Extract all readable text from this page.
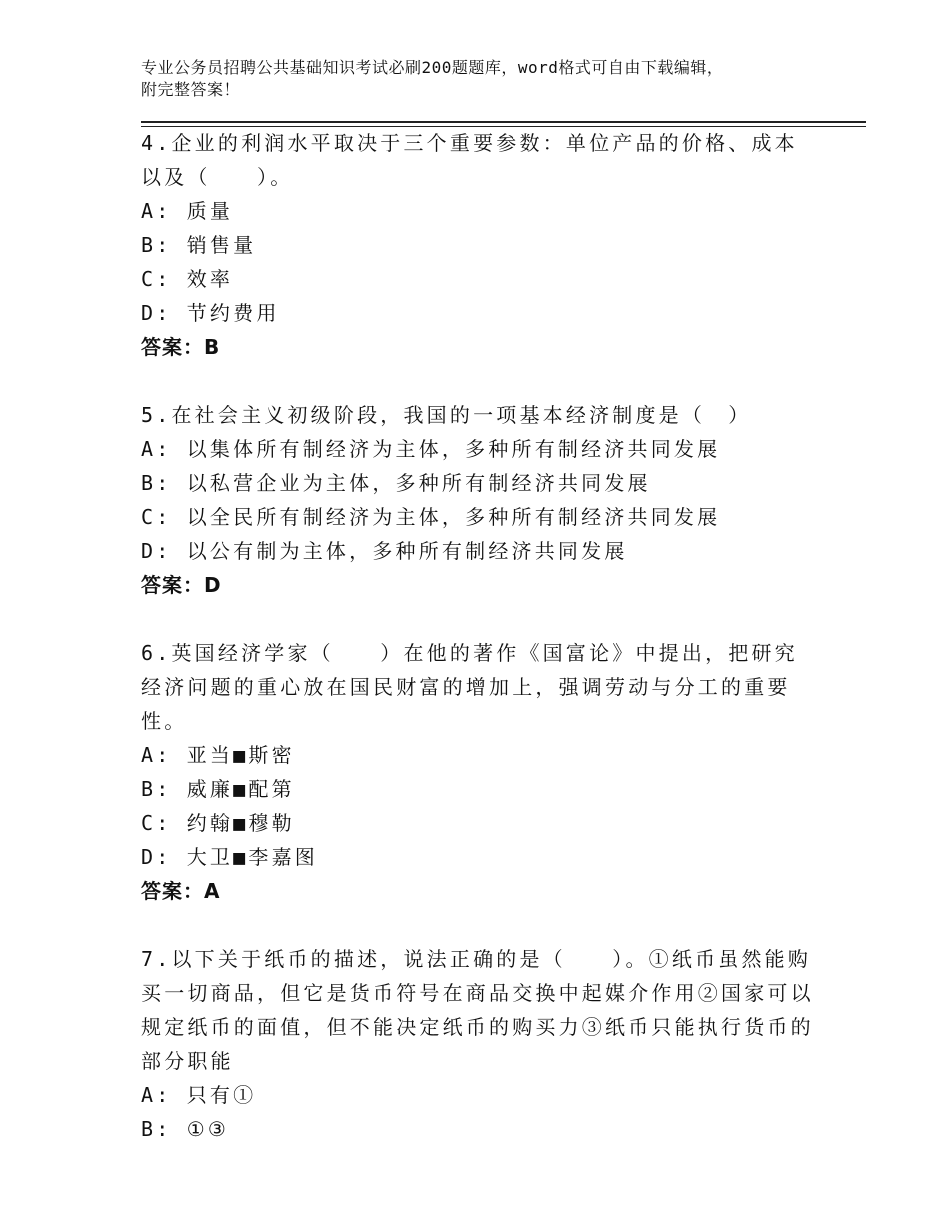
专业公务员招聘公共基础知识考试必刷200题题库，word格式可自由下载编辑，
附完整答案！

4.企业的利润水平取决于三个重要参数：单位产品的价格、成本以及（　　）。

A: 质量

B: 销售量

C: 效率

D: 节约费用

答案：B

5.在社会主义初级阶段，我国的一项基本经济制度是（　）

A: 以集体所有制经济为主体，多种所有制经济共同发展

B: 以私营企业为主体，多种所有制经济共同发展

C: 以全民所有制经济为主体，多种所有制经济共同发展

D: 以公有制为主体，多种所有制经济共同发展

答案：D

6.英国经济学家（　　）在他的著作《国富论》中提出，把研究经济问题的重心放在国民财富的增加上，强调劳动与分工的重要性。

A: 亚当■斯密

B: 威廉■配第

C: 约翰■穆勒

D: 大卫■李嘉图

答案：A

7.以下关于纸币的描述，说法正确的是（　　）。①纸币虽然能购买一切商品，但它是货币符号在商品交换中起媒介作用②国家可以规定纸币的面值，但不能决定纸币的购买力③纸币只能执行货币的部分职能

A: 只有①

B: ①③
